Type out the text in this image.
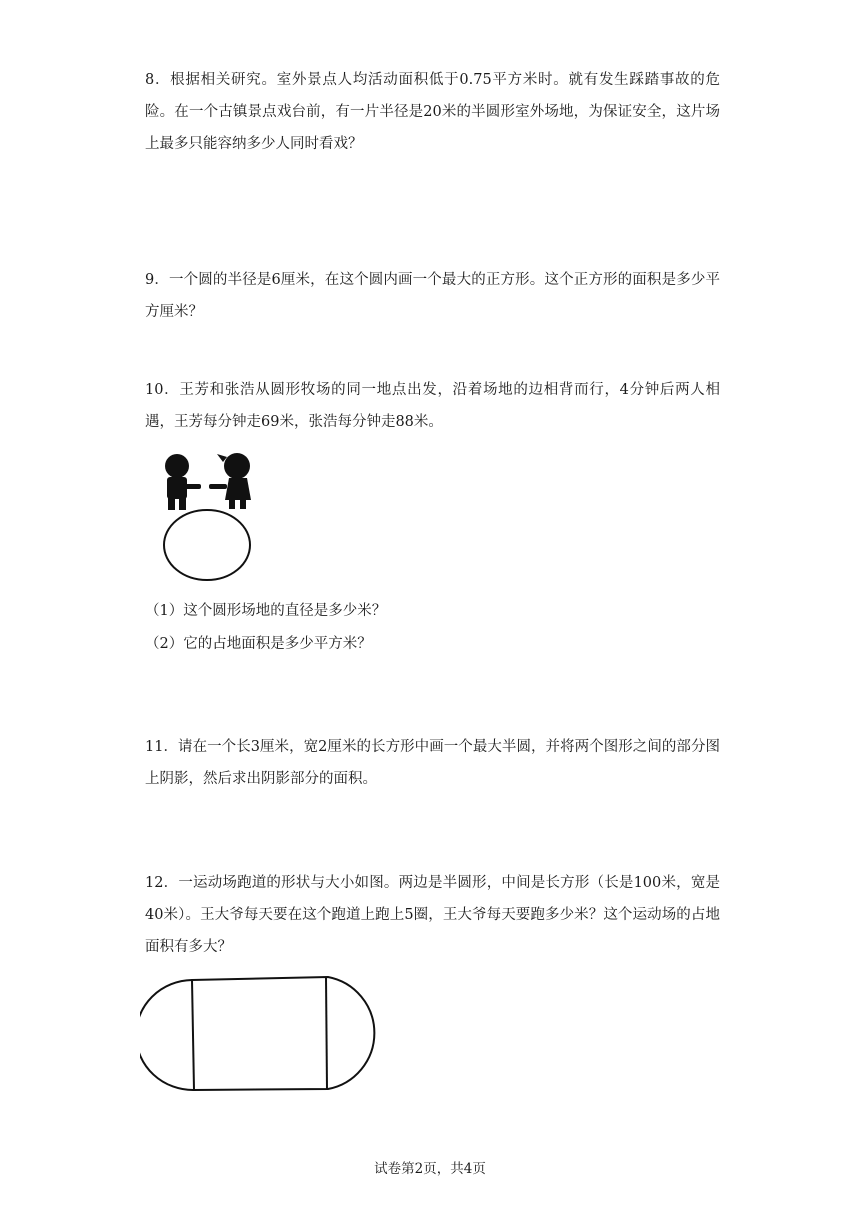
8．根据相关研究。室外景点人均活动面积低于0.75平方米时。就有发生踩踏事故的危险。在一个古镇景点戏台前，有一片半径是20米的半圆形室外场地，为保证安全，这片场上最多只能容纳多少人同时看戏？

9．一个圆的半径是6厘米，在这个圆内画一个最大的正方形。这个正方形的面积是多少平方厘米？

10．王芳和张浩从圆形牧场的同一地点出发，沿着场地的边相背而行，4分钟后两人相遇，王芳每分钟走69米，张浩每分钟走88米。

（1）这个圆形场地的直径是多少米？

（2）它的占地面积是多少平方米？

11．请在一个长3厘米，宽2厘米的长方形中画一个最大半圆，并将两个图形之间的部分图上阴影，然后求出阴影部分的面积。

12．一运动场跑道的形状与大小如图。两边是半圆形，中间是长方形（长是100米，宽是40米）。王大爷每天要在这个跑道上跑上5圈，王大爷每天要跑多少米？这个运动场的占地面积有多大？

试卷第2页，共4页
